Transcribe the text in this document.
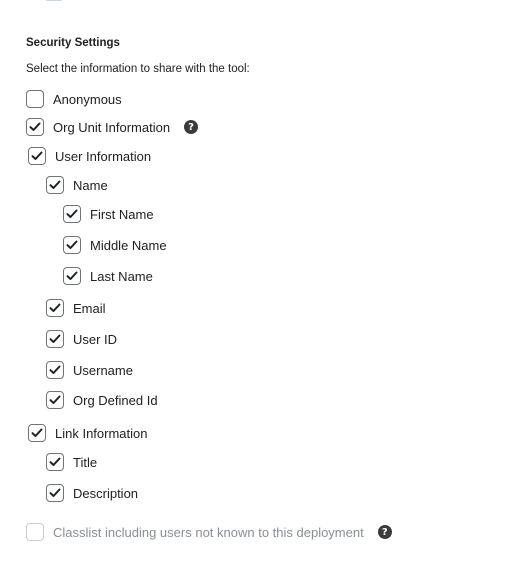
Security Settings
Select the information to share with the tool:
Anonymous
Org Unit Information	?
User Information
Name
First Name
Middle Name
Last Name
Email
User ID
Username
Org Defined Id
Link Information
Title
Description
Classlist including users not known to this deployment	?
